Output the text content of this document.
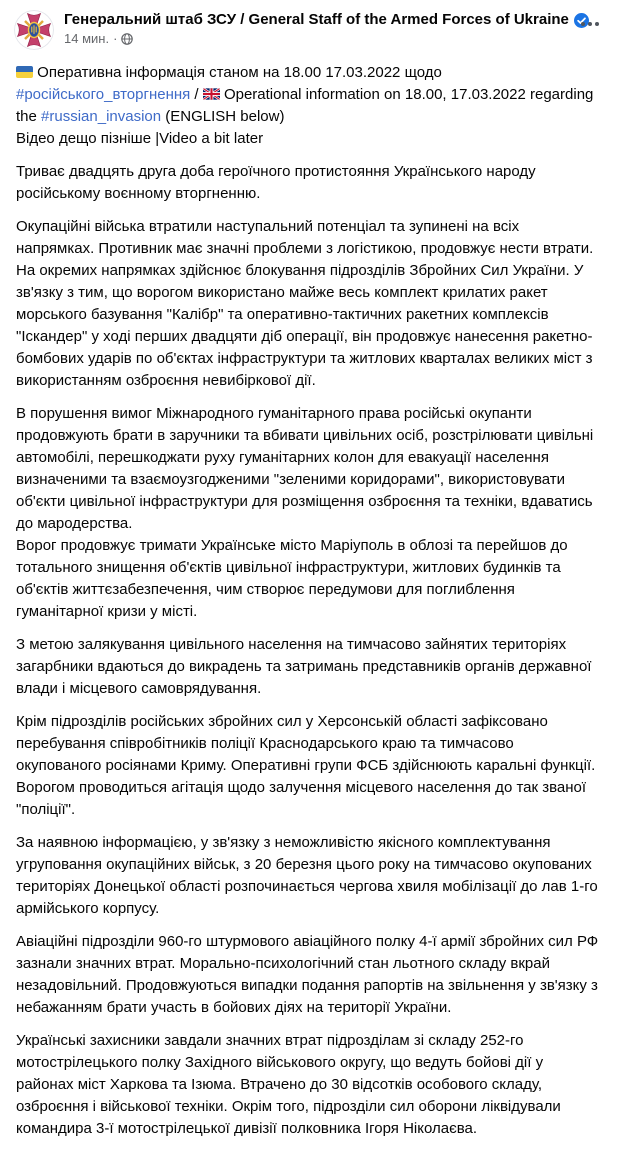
Генеральний штаб ЗСУ / General Staff of the Armed Forces of Ukraine
14 мин. ·

Оперативна інформація станом на 18.00 17.03.2022 щодо #російського_вторгнення /
Operational information on 18.00, 17.03.2022 regarding the #russian_invasion (ENGLISH below)
Відео дещо пізніше |Video a bit later

Триває двадцять друга доба героїчного протистояння Українського народу російському воєнному вторгненню.

Окупаційні війська втратили наступальний потенціал та зупинені на всіх напрямках. Противник має значні проблеми з логістикою, продовжує нести втрати. На окремих напрямках здійснює блокування підрозділів Збройних Сил України. У зв'язку з тим, що ворогом використано майже весь комплект крилатих ракет морського базування "Калібр" та оперативно-тактичних ракетних комплексів "Іскандер" у ході перших двадцяти діб операції, він продовжує нанесення ракетно-бомбових ударів по об'єктах інфраструктури та житлових кварталах великих міст з використанням озброєння невибіркової дії.

В порушення вимог Міжнародного гуманітарного права російські окупанти продовжують брати в заручники та вбивати цивільних осіб, розстрілювати цивільні автомобілі, перешкоджати руху гуманітарних колон для евакуації населення визначеними та взаємоузгодженими "зеленими коридорами", використовувати об'єкти цивільної інфраструктури для розміщення озброєння та техніки, вдаватись до мародерства.
Ворог продовжує тримати Українське місто Маріуполь в облозі та перейшов до тотального знищення об'єктів цивільної інфраструктури, житлових будинків та об'єктів життєзабезпечення, чим створює передумови для поглиблення гуманітарної кризи у місті.

З метою залякування цивільного населення на тимчасово зайнятих територіях загарбники вдаються до викрадень та затримань представників органів державної влади і місцевого самоврядування.

Крім підрозділів російських збройних сил у Херсонській області зафіксовано перебування співробітників поліції Краснодарського краю та тимчасово окупованого росіянами Криму. Оперативні групи ФСБ здійснюють каральні функції. Ворогом проводиться агітація щодо залучення місцевого населення до так званої "поліції".

За наявною інформацією, у зв'язку з неможливістю якісного комплектування угруповання окупаційних військ, з 20 березня цього року на тимчасово окупованих територіях Донецької області розпочинається чергова хвиля мобілізації до лав 1-го армійського корпусу.

Авіаційні підрозділи 960-го штурмового авіаційного полку 4-ї армії збройних сил РФ зазнали значних втрат. Морально-психологічний стан льотного складу вкрай незадовільний. Продовжуються випадки подання рапортів на звільнення у зв'язку з небажанням брати участь в бойових діях на території України.

Українські захисники завдали значних втрат підрозділам зі складу 252-го мотострілецького полку Західного військового округу, що ведуть бойові дії у районах міст Харкова та Ізюма. Втрачено до 30 відсотків особового складу, озброєння і військової техніки. Окрім того, підрозділи сил оборони ліквідували командира 3-ї мотострілецької дивізії полковника Ігоря Ніколаєва.
